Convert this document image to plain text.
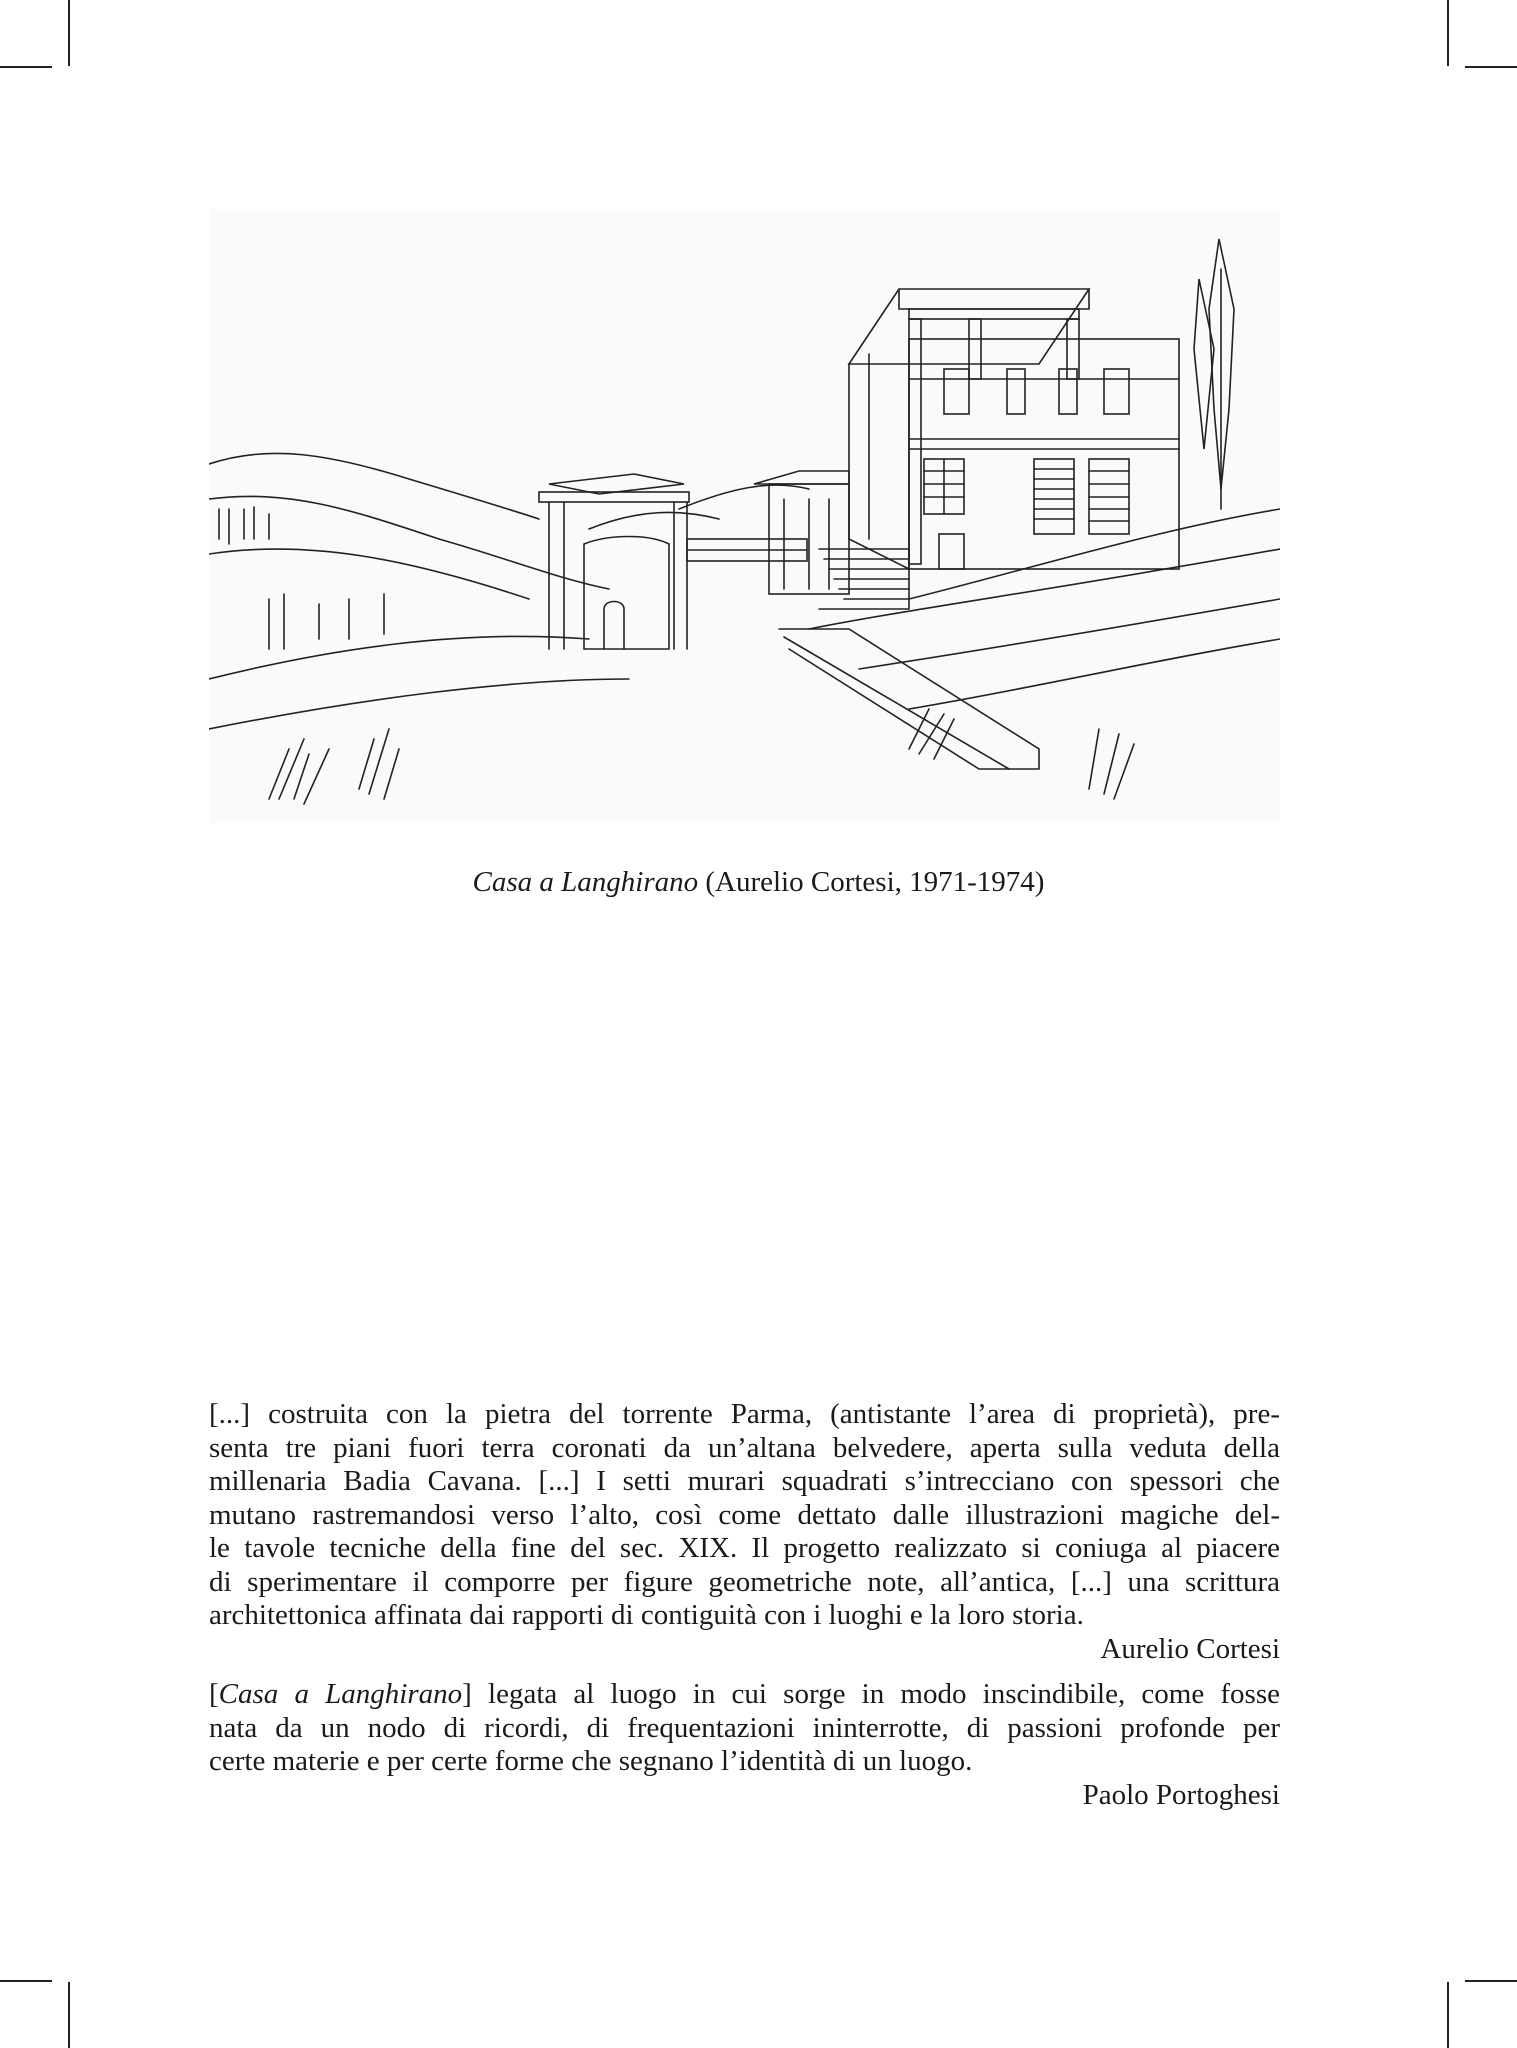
Casa a Langhirano (Aurelio Cortesi, 1971-1974)

[...] costruita con la pietra del torrente Parma, (antistante l’area di proprietà), pre-
senta tre piani fuori terra coronati da un’altana belvedere, aperta sulla veduta della
millenaria Badia Cavana. [...] I setti murari squadrati s’intrecciano con spessori che
mutano rastremandosi verso l’alto, così come dettato dalle illustrazioni magiche del-
le tavole tecniche della fine del sec. XIX. Il progetto realizzato si coniuga al piacere
di sperimentare il comporre per figure geometriche note, all’antica, [...] una scrittura
architettonica affinata dai rapporti di contiguità con i luoghi e la loro storia.
Aurelio Cortesi

[Casa a Langhirano] legata al luogo in cui sorge in modo inscindibile, come fosse
nata da un nodo di ricordi, di frequentazioni ininterrotte, di passioni profonde per
certe materie e per certe forme che segnano l’identità di un luogo.
Paolo Portoghesi
